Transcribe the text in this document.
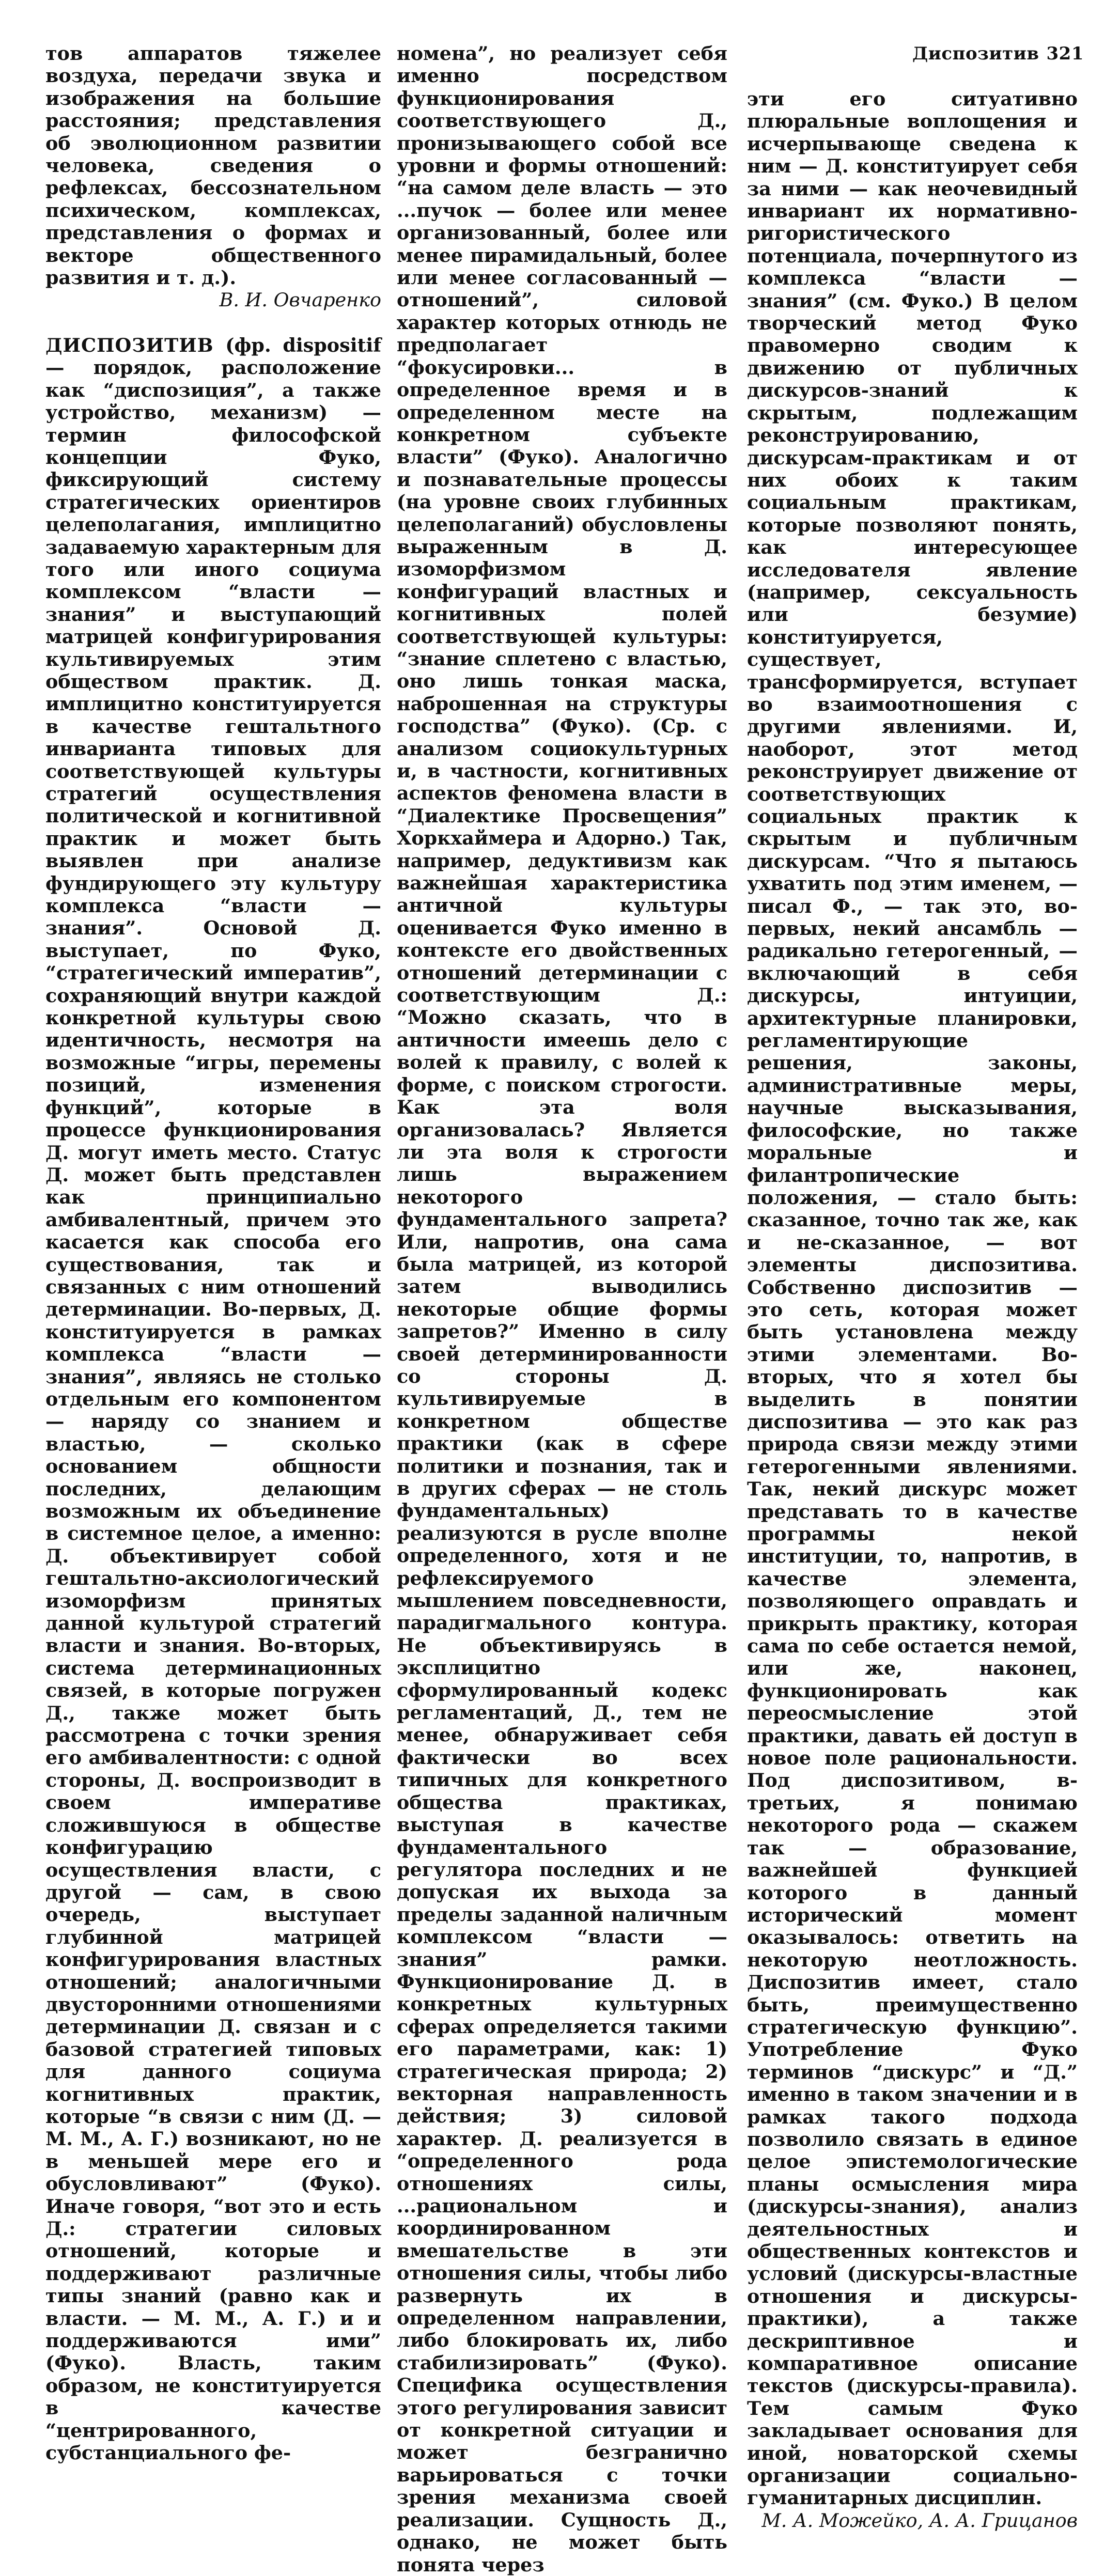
Диспозитив 321

тов аппаратов тяжелее воздуха, передачи звука и изображения на большие расстояния; представления об эволюционном развитии человека, сведения о рефлексах, бессознательном психическом, комплексах, представления о формах и векторе общественного развития и т. д.).

В. И. Овчаренко

ДИСПОЗИТИВ (фр. dispositif — порядок, расположение как “диспозиция”, а также устройство, механизм) — термин философской концепции Фуко, фиксирующий систему стратегических ориентиров целеполагания, имплицитно задаваемую характерным для того или иного социума комплексом “власти — знания” и выступающий матрицей конфигурирования культивируемых этим обществом практик. Д. имплицитно конституируется в качестве гештальтного инварианта типовых для соответствующей культуры стратегий осуществления политической и когнитивной практик и может быть выявлен при анализе фундирующего эту культуру комплекса “власти — знания”. Основой Д. выступает, по Фуко, “стратегический императив”, сохраняющий внутри каждой конкретной культуры свою идентичность, несмотря на возможные “игры, перемены позиций, изменения функций”, которые в процессе функционирования Д. могут иметь место. Статус Д. может быть представлен как принципиально амбивалентный, причем это касается как способа его существования, так и связанных с ним отношений детерминации. Во-первых, Д. конституируется в рамках комплекса “власти — знания”, являясь не столько отдельным его компонентом — наряду со знанием и властью, — сколько основанием общности последних, делающим возможным их объединение в системное целое, а именно: Д. объективирует собой гештальтно-аксиологический изоморфизм принятых данной культурой стратегий власти и знания. Во-вторых, система детерминационных связей, в которые погружен Д., также может быть рассмотрена с точки зрения его амбивалентности: с одной стороны, Д. воспроизводит в своем императиве сложившуюся в обществе конфигурацию осуществления власти, с другой — сам, в свою очередь, выступает глубинной матрицей конфигурирования властных отношений; аналогичными двусторонними отношениями детерминации Д. связан и с базовой стратегией типовых для данного социума когнитивных практик, которые “в связи с ним (Д. — М. М., А. Г.) возникают, но не в меньшей мере его и обусловливают” (Фуко). Иначе говоря, “вот это и есть Д.: стратегии силовых отношений, которые и поддерживают различные типы знаний (равно как и власти. — М. М., А. Г.) и и поддерживаются ими” (Фуко). Власть, таким образом, не конституируется в качестве “центрированного, субстанциального фе-

номена”, но реализует себя именно посредством функционирования соответствующего Д., пронизывающего собой все уровни и формы отношений: “на самом деле власть — это ...пучок — более или менее организованный, более или менее пирамидальный, более или менее согласованный — отношений”, силовой характер которых отнюдь не предполагает “фокусировки... в определенное время и в определенном месте на конкретном субъекте власти” (Фуко). Аналогично и познавательные процессы (на уровне своих глубинных целеполаганий) обусловлены выраженным в Д. изоморфизмом конфигураций властных и когнитивных полей соответствующей культуры: “знание сплетено с властью, оно лишь тонкая маска, наброшенная на структуры господства” (Фуко). (Ср. с анализом социокультурных и, в частности, когнитивных аспектов феномена власти в “Диалектике Просвещения” Хоркхаймера и Адорно.) Так, например, дедуктивизм как важнейшая характеристика античной культуры оценивается Фуко именно в контексте его двойственных отношений детерминации с соответствующим Д.: “Можно сказать, что в античности имеешь дело с волей к правилу, с волей к форме, с поиском строгости. Как эта воля организовалась? Является ли эта воля к строгости лишь выражением некоторого фундаментального запрета? Или, напротив, она сама была матрицей, из которой затем выводились некоторые общие формы запретов?” Именно в силу своей детерминированности со стороны Д. культивируемые в конкретном обществе практики (как в сфере политики и познания, так и в других сферах — не столь фундаментальных) реализуются в русле вполне определенного, хотя и не рефлексируемого мышлением повседневности, парадигмального контура. Не объективируясь в эксплицитно сформулированный кодекс регламентаций, Д., тем не менее, обнаруживает себя фактически во всех типичных для конкретного общества практиках, выступая в качестве фундаментального регулятора последних и не допуская их выхода за пределы заданной наличным комплексом “власти — знания” рамки. Функционирование Д. в конкретных культурных сферах определяется такими его параметрами, как: 1) стратегическая природа; 2) векторная направленность действия; 3) силовой характер. Д. реализуется в “определенного рода отношениях силы, ...рациональном и координированном вмешательстве в эти отношения силы, чтобы либо развернуть их в определенном направлении, либо блокировать их, либо стабилизировать” (Фуко). Специфика осуществления этого регулирования зависит от конкретной ситуации и может безгранично варьироваться с точки зрения механизма своей реализации. Сущность Д., однако, не может быть понята через

эти его ситуативно плюральные воплощения и исчерпывающе сведена к ним — Д. конституирует себя за ними — как неочевидный инвариант их нормативно-ригористического потенциала, почерпнутого из комплекса “власти — знания” (см. Фуко.) В целом творческий метод Фуко правомерно сводим к движению от публичных дискурсов-знаний к скрытым, подлежащим реконструированию, дискурсам-практикам и от них обоих к таким социальным практикам, которые позволяют понять, как интересующее исследователя явление (например, сексуальность или безумие) конституируется, существует, трансформируется, вступает во взаимоотношения с другими явлениями. И, наоборот, этот метод реконструирует движение от соответствующих социальных практик к скрытым и публичным дискурсам. “Что я пытаюсь ухватить под этим именем, — писал Ф., — так это, во-первых, некий ансамбль — радикально гетерогенный, — включающий в себя дискурсы, интуиции, архитектурные планировки, регламентирующие решения, законы, административные меры, научные высказывания, философские, но также моральные и филантропические положения, — стало быть: сказанное, точно так же, как и не-сказанное, — вот элементы диспозитива. Собственно диспозитив — это сеть, которая может быть установлена между этими элементами. Во-вторых, что я хотел бы выделить в понятии диспозитива — это как раз природа связи между этими гетерогенными явлениями. Так, некий дискурс может представать то в качестве программы некой институции, то, напротив, в качестве элемента, позволяющего оправдать и прикрыть практику, которая сама по себе остается немой, или же, наконец, функционировать как переосмысление этой практики, давать ей доступ в новое поле рациональности. Под диспозитивом, в-третьих, я понимаю некоторого рода — скажем так — образование, важнейшей функцией которого в данный исторический момент оказывалось: ответить на некоторую неотложность. Диспозитив имеет, стало быть, преимущественно стратегическую функцию”. Употребление Фуко терминов “дискурс” и “Д.” именно в таком значении и в рамках такого подхода позволило связать в единое целое эпистемологические планы осмысления мира (дискурсы-знания), анализ деятельностных и общественных контекстов и условий (дискурсы-властные отношения и дискурсы-практики), а также дескриптивное и компаративное описание текстов (дискурсы-правила). Тем самым Фуко закладывает основания для иной, новаторской схемы организации социально-гуманитарных дисциплин.

М. А. Можейко, А. А. Грицанов
